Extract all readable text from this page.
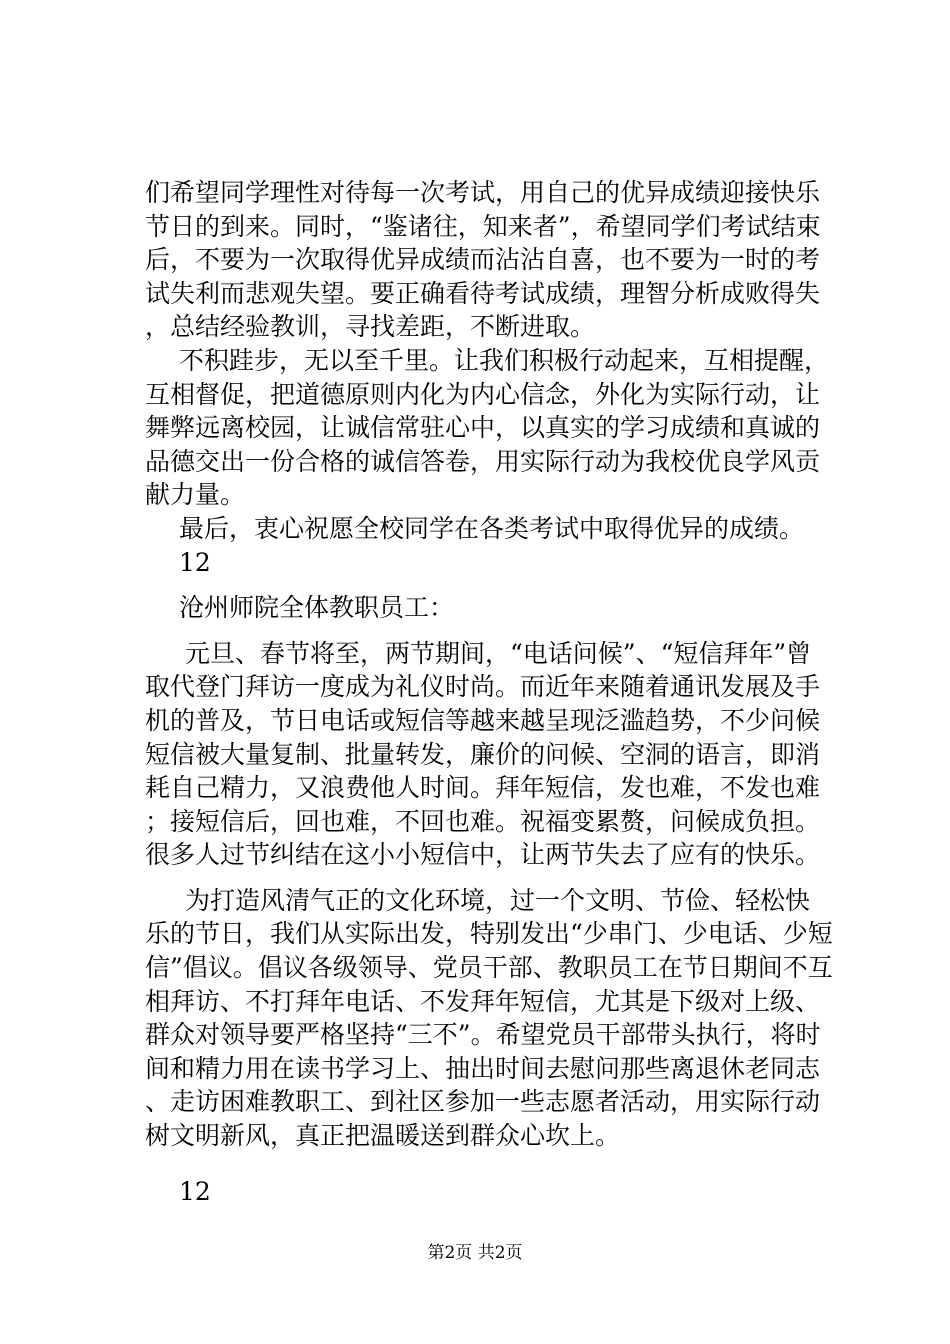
们希望同学理性对待每一次考试，用自己的优异成绩迎接快乐节日的到来。同时，“鉴诸往，知来者”，希望同学们考试结束后，不要为一次取得优异成绩而沾沾自喜，也不要为一时的考试失利而悲观失望。要正确看待考试成绩，理智分析成败得失，总结经验教训，寻找差距，不断进取。

不积跬步，无以至千里。让我们积极行动起来，互相提醒，互相督促，把道德原则内化为内心信念，外化为实际行动，让舞弊远离校园，让诚信常驻心中，以真实的学习成绩和真诚的品德交出一份合格的诚信答卷，用实际行动为我校优良学风贡献力量。

最后，衷心祝愿全校同学在各类考试中取得优异的成绩。

12

沧州师院全体教职员工：

元旦、春节将至，两节期间，“电话问候”、“短信拜年”曾取代登门拜访一度成为礼仪时尚。而近年来随着通讯发展及手机的普及，节日电话或短信等越来越呈现泛滥趋势，不少问候短信被大量复制、批量转发，廉价的问候、空洞的语言，即消耗自己精力，又浪费他人时间。拜年短信，发也难，不发也难；接短信后，回也难，不回也难。祝福变累赘，问候成负担。很多人过节纠结在这小小短信中，让两节失去了应有的快乐。

为打造风清气正的文化环境，过一个文明、节俭、轻松快乐的节日，我们从实际出发，特别发出“少串门、少电话、少短信”倡议。倡议各级领导、党员干部、教职员工在节日期间不互相拜访、不打拜年电话、不发拜年短信，尤其是下级对上级、群众对领导要严格坚持“三不”。希望党员干部带头执行，将时间和精力用在读书学习上、抽出时间去慰问那些离退休老同志、走访困难教职工、到社区参加一些志愿者活动，用实际行动树文明新风，真正把温暖送到群众心坎上。

12

第2页 共2页
